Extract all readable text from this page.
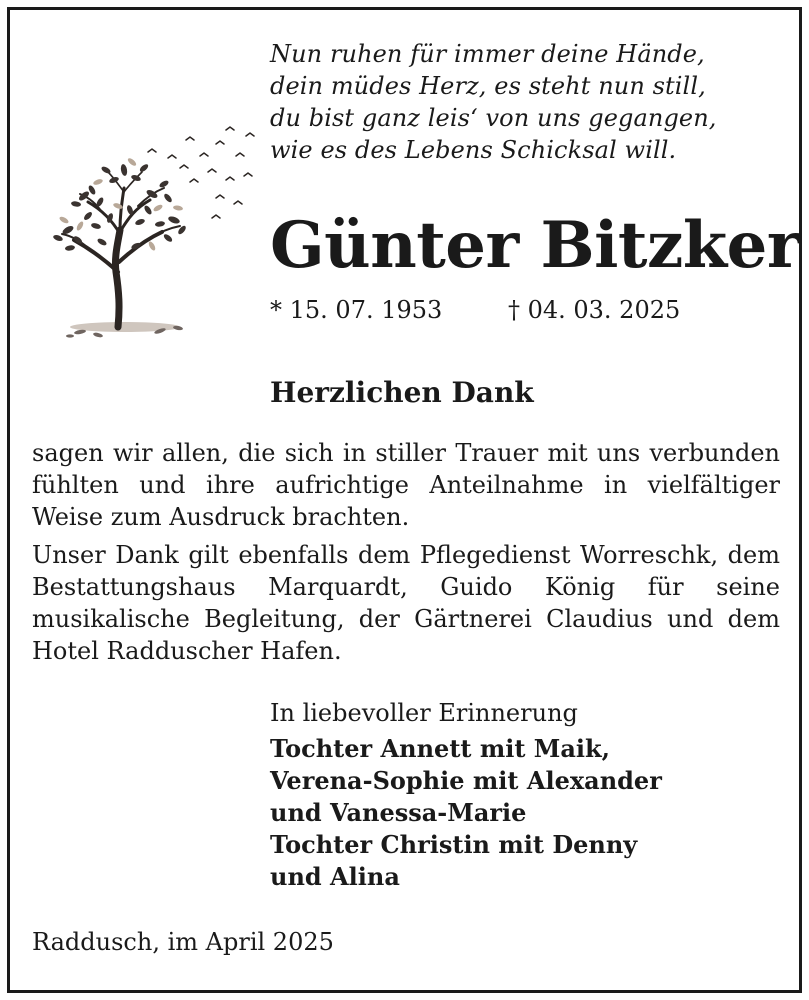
Nun ruhen für immer deine Hände,
dein müdes Herz, es steht nun still,
du bist ganz leis‘ von uns gegangen,
wie es des Lebens Schicksal will.
Günter Bitzker
* 15. 07. 1953	† 04. 03. 2025
Herzlichen Dank

sagen wir allen, die sich in stiller Trauer mit uns verbunden fühlten und ihre aufrichtige Anteilnahme in vielfältiger Weise zum Ausdruck brachten.

Unser Dank gilt ebenfalls dem Pflegedienst Worreschk, dem Bestattungshaus Marquardt, Guido König für seine musikalische Begleitung, der Gärtnerei Claudius und dem Hotel Radduscher Hafen.

In liebevoller Erinnerung
Tochter Annett mit Maik,
Verena-Sophie mit Alexander
und Vanessa-Marie
Tochter Christin mit Denny
und Alina
Raddusch, im April 2025
